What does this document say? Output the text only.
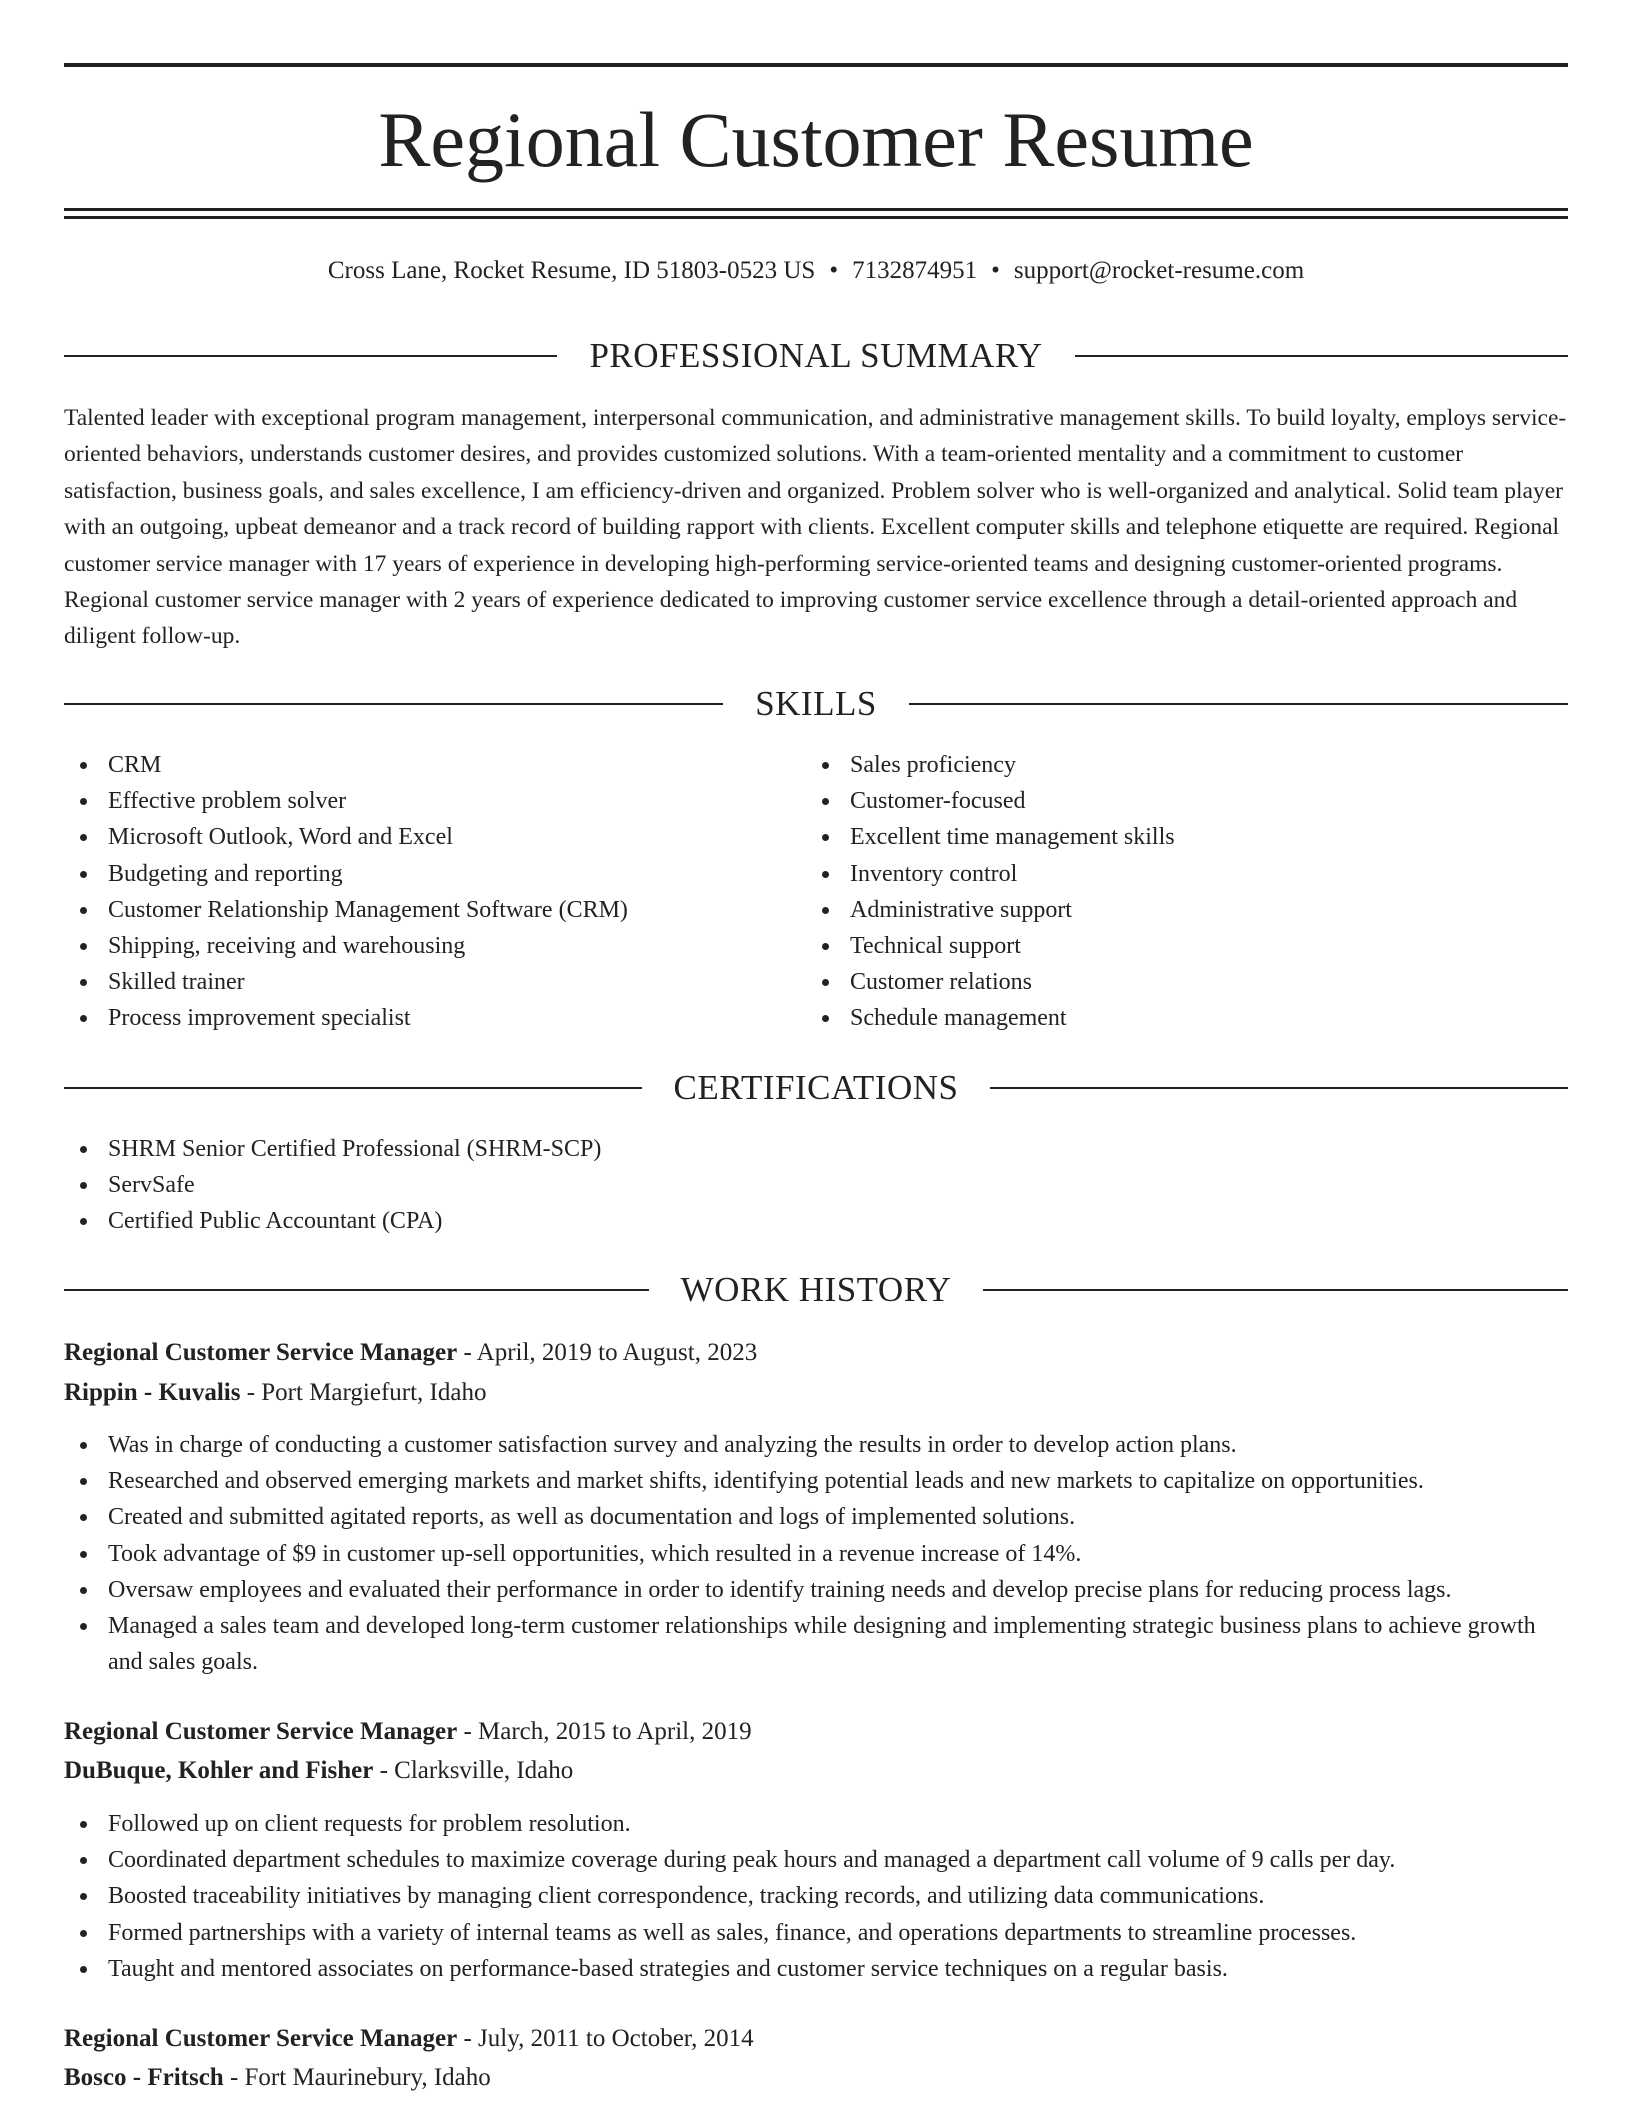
Regional Customer Resume
Cross Lane, Rocket Resume, ID 51803-0523 US • 7132874951 • support@rocket-resume.com
PROFESSIONAL SUMMARY

Talented leader with exceptional program management, interpersonal communication, and administrative management skills. To build loyalty, employs service-oriented behaviors, understands customer desires, and provides customized solutions. With a team-oriented mentality and a commitment to customer satisfaction, business goals, and sales excellence, I am efficiency-driven and organized. Problem solver who is well-organized and analytical. Solid team player with an outgoing, upbeat demeanor and a track record of building rapport with clients. Excellent computer skills and telephone etiquette are required. Regional customer service manager with 17 years of experience in developing high-performing service-oriented teams and designing customer-oriented programs. Regional customer service manager with 2 years of experience dedicated to improving customer service excellence through a detail-oriented approach and diligent follow-up.

SKILLS
CRM
Effective problem solver
Microsoft Outlook, Word and Excel
Budgeting and reporting
Customer Relationship Management Software (CRM)
Shipping, receiving and warehousing
Skilled trainer
Process improvement specialist
Sales proficiency
Customer-focused
Excellent time management skills
Inventory control
Administrative support
Technical support
Customer relations
Schedule management
CERTIFICATIONS
SHRM Senior Certified Professional (SHRM-SCP)
ServSafe
Certified Public Accountant (CPA)
WORK HISTORY
Regional Customer Service Manager - April, 2019 to August, 2023
Rippin - Kuvalis - Port Margiefurt, Idaho
Was in charge of conducting a customer satisfaction survey and analyzing the results in order to develop action plans.
Researched and observed emerging markets and market shifts, identifying potential leads and new markets to capitalize on opportunities.
Created and submitted agitated reports, as well as documentation and logs of implemented solutions.
Took advantage of $9 in customer up-sell opportunities, which resulted in a revenue increase of 14%.
Oversaw employees and evaluated their performance in order to identify training needs and develop precise plans for reducing process lags.
Managed a sales team and developed long-term customer relationships while designing and implementing strategic business plans to achieve growth and sales goals.
Regional Customer Service Manager - March, 2015 to April, 2019
DuBuque, Kohler and Fisher - Clarksville, Idaho
Followed up on client requests for problem resolution.
Coordinated department schedules to maximize coverage during peak hours and managed a department call volume of 9 calls per day.
Boosted traceability initiatives by managing client correspondence, tracking records, and utilizing data communications.
Formed partnerships with a variety of internal teams as well as sales, finance, and operations departments to streamline processes.
Taught and mentored associates on performance-based strategies and customer service techniques on a regular basis.
Regional Customer Service Manager - July, 2011 to October, 2014
Bosco - Fritsch - Fort Maurinebury, Idaho
